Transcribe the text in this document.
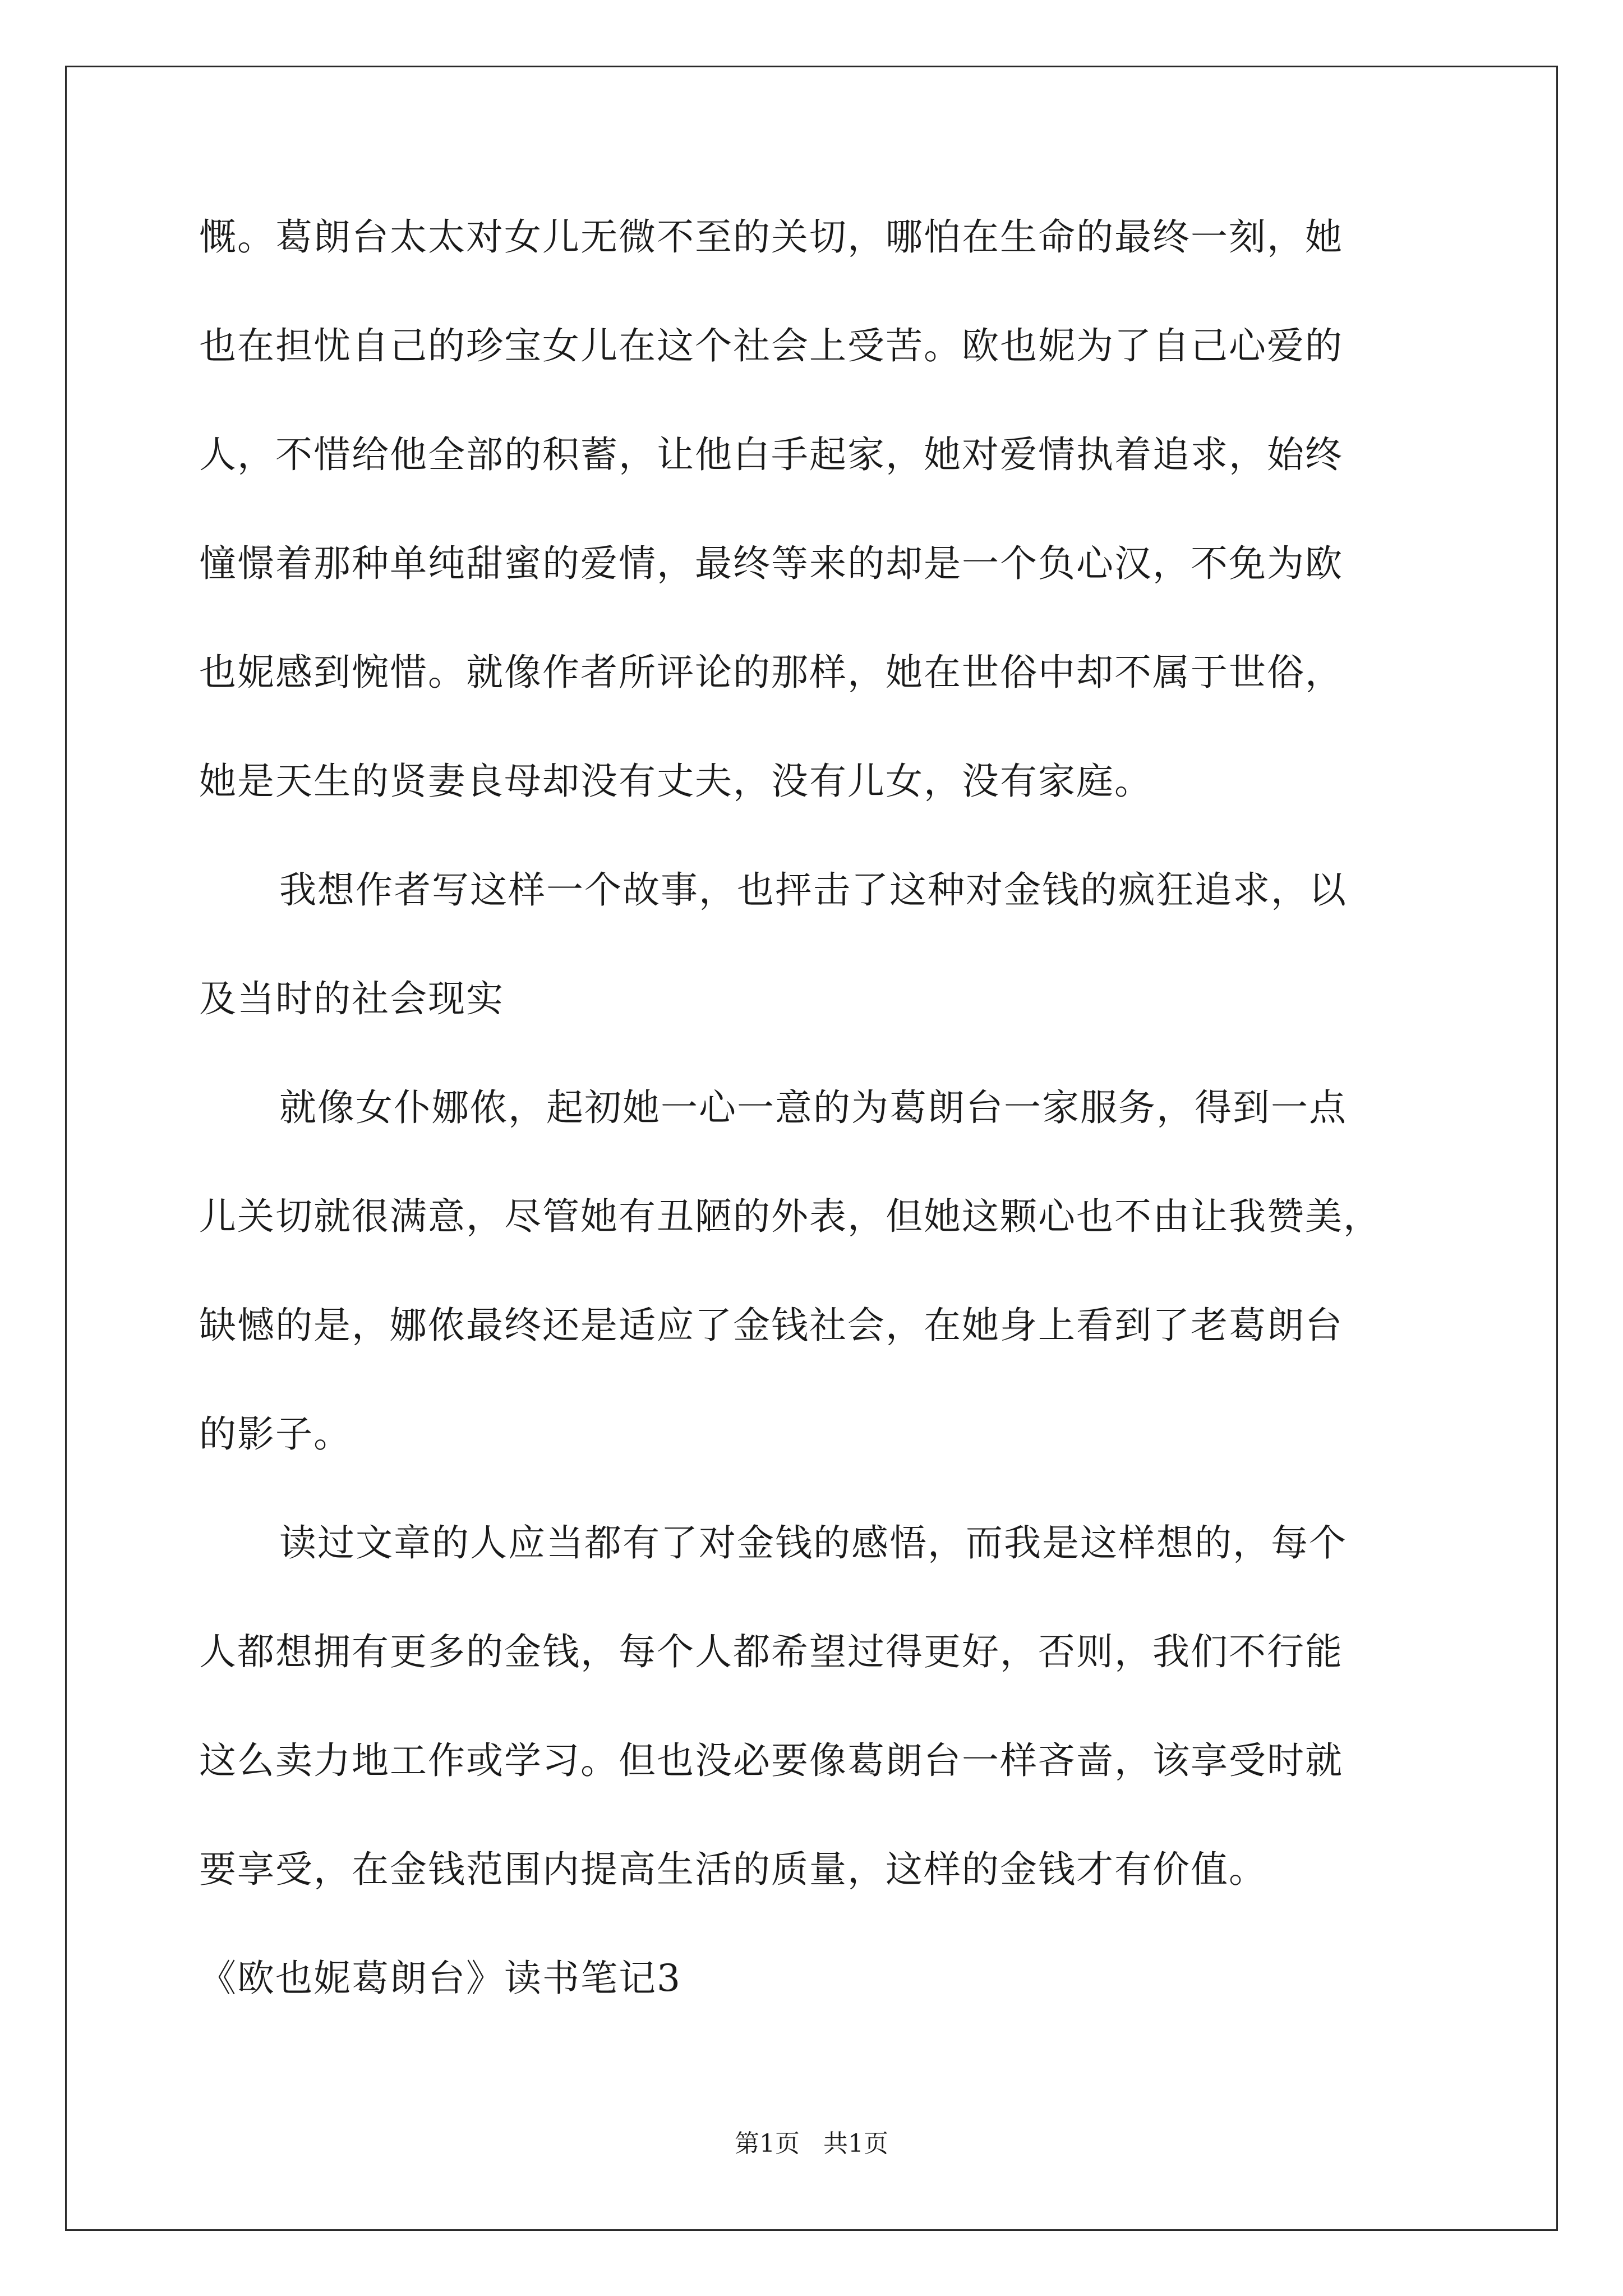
慨。葛朗台太太对女儿无微不至的关切，哪怕在生命的最终一刻，她
也在担忧自己的珍宝女儿在这个社会上受苦。欧也妮为了自己心爱的
人，不惜给他全部的积蓄，让他白手起家，她对爱情执着追求，始终
憧憬着那种单纯甜蜜的爱情，最终等来的却是一个负心汉，不免为欧
也妮感到惋惜。就像作者所评论的那样，她在世俗中却不属于世俗，
她是天生的贤妻良母却没有丈夫，没有儿女，没有家庭。
我想作者写这样一个故事，也抨击了这种对金钱的疯狂追求，以
及当时的社会现实
就像女仆娜侬，起初她一心一意的为葛朗台一家服务，得到一点
儿关切就很满意，尽管她有丑陋的外表，但她这颗心也不由让我赞美，
缺憾的是，娜侬最终还是适应了金钱社会，在她身上看到了老葛朗台
的影子。
读过文章的人应当都有了对金钱的感悟，而我是这样想的，每个
人都想拥有更多的金钱，每个人都希望过得更好，否则，我们不行能
这么卖力地工作或学习。但也没必要像葛朗台一样吝啬，该享受时就
要享受，在金钱范围内提高生活的质量，这样的金钱才有价值。
《欧也妮葛朗台》读书笔记3
第1页   共1页
